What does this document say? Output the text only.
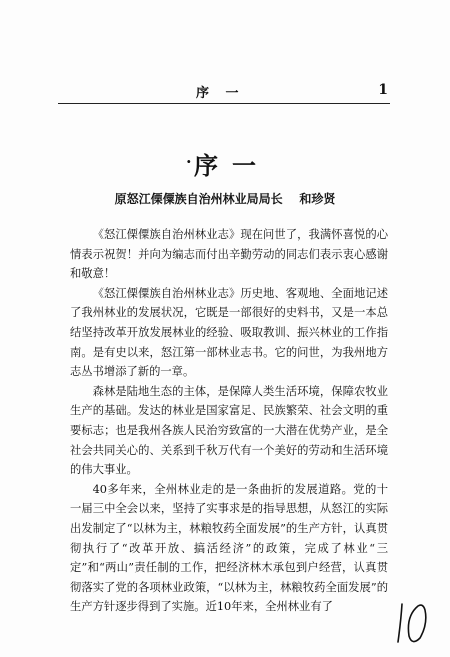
序 一	1
· 序一
原怒江傈僳族自治州林业局局长    和珍贤

《怒江傈僳族自治州林业志》现在问世了，我满怀喜悦的心情表示祝贺！并向为编志而付出辛勤劳动的同志们表示衷心感谢和敬意！

《怒江傈僳族自治州林业志》历史地、客观地、全面地记述了我州林业的发展状况，它既是一部很好的史料书，又是一本总结坚持改革开放发展林业的经验、吸取教训、振兴林业的工作指南。是有史以来，怒江第一部林业志书。它的问世，为我州地方志丛书增添了新的一章。

森林是陆地生态的主体，是保障人类生活环境，保障农牧业生产的基础。发达的林业是国家富足、民族繁荣、社会文明的重要标志；也是我州各族人民治穷致富的一大潜在优势产业，是全社会共同关心的、关系到千秋万代有一个美好的劳动和生活环境的伟大事业。

40多年来，全州林业走的是一条曲折的发展道路。党的十一届三中全会以来，坚持了实事求是的指导思想，从怒江的实际出发制定了“以林为主，林粮牧药全面发展”的生产方针，认真贯彻执行了“改革开放、搞活经济”的政策，完成了林业“三定”和“两山”责任制的工作，把经济林木承包到户经营，认真贯彻落实了党的各项林业政策，“以林为主，林粮牧药全面发展”的生产方针逐步得到了实施。近10年来，全州林业有了
